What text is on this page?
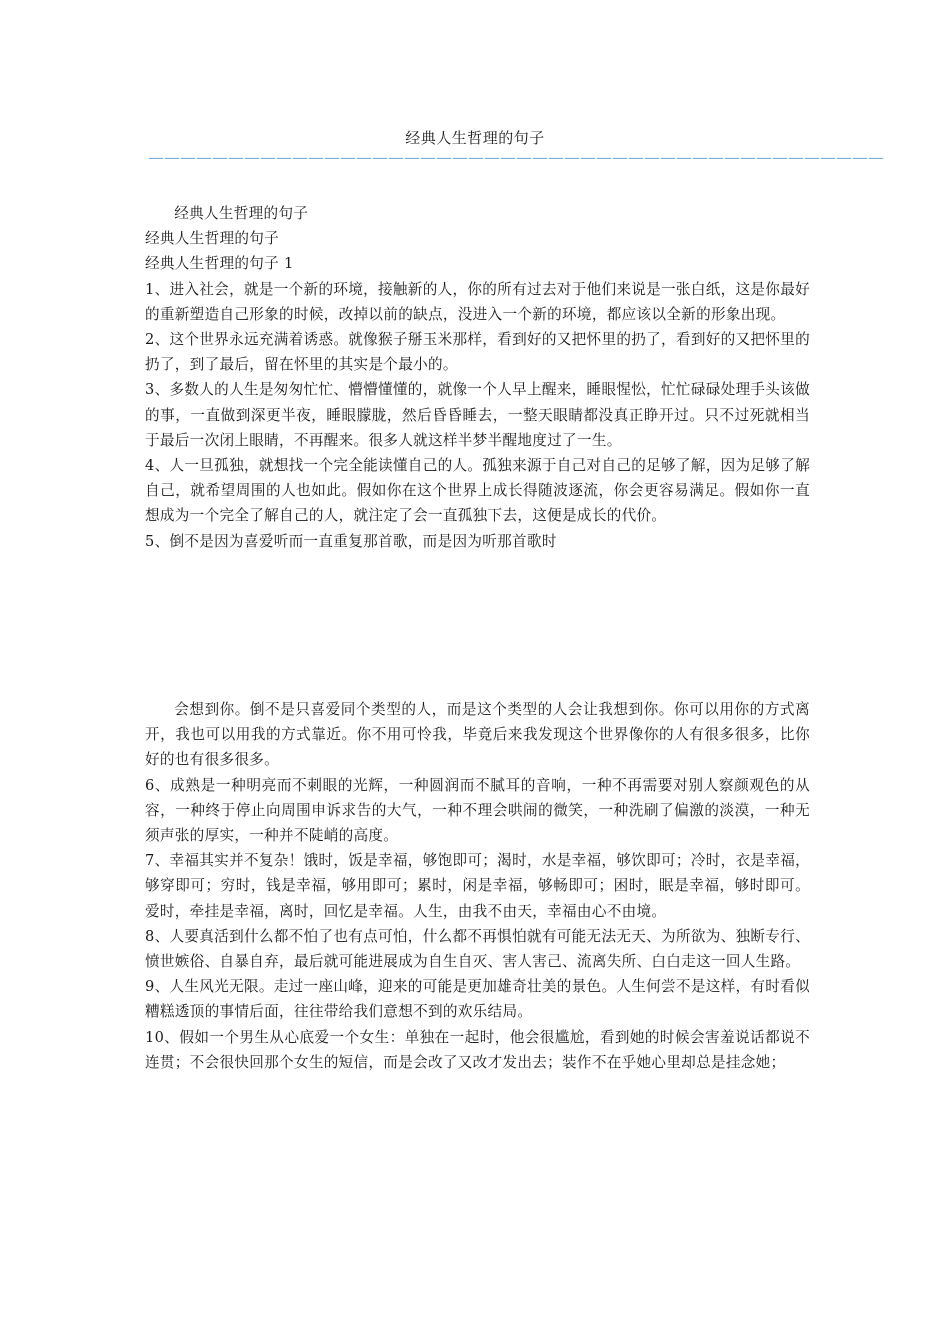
经典人生哲理的句子
——————————————————————————————————————————————

经典人生哲理的句子

经典人生哲理的句子

经典人生哲理的句子 1

1、进入社会，就是一个新的环境，接触新的人，你的所有过去对于他们来说是一张白纸，这是你最好的重新塑造自己形象的时候，改掉以前的缺点，没进入一个新的环境，都应该以全新的形象出现。

2、这个世界永远充满着诱惑。就像猴子掰玉米那样，看到好的又把怀里的扔了，看到好的又把怀里的扔了，到了最后，留在怀里的其实是个最小的。

3、多数人的人生是匆匆忙忙、懵懵懂懂的，就像一个人早上醒来，睡眼惺忪，忙忙碌碌处理手头该做的事，一直做到深更半夜，睡眼朦胧，然后昏昏睡去，一整天眼睛都没真正睁开过。只不过死就相当于最后一次闭上眼睛，不再醒来。很多人就这样半梦半醒地度过了一生。

4、人一旦孤独，就想找一个完全能读懂自己的人。孤独来源于自己对自己的足够了解，因为足够了解自己，就希望周围的人也如此。假如你在这个世界上成长得随波逐流，你会更容易满足。假如你一直想成为一个完全了解自己的人，就注定了会一直孤独下去，这便是成长的代价。

5、倒不是因为喜爱听而一直重复那首歌，而是因为听那首歌时

会想到你。倒不是只喜爱同个类型的人，而是这个类型的人会让我想到你。你可以用你的方式离开，我也可以用我的方式靠近。你不用可怜我，毕竟后来我发现这个世界像你的人有很多很多，比你好的也有很多很多。

6、成熟是一种明亮而不刺眼的光辉，一种圆润而不腻耳的音响，一种不再需要对别人察颜观色的从容，一种终于停止向周围申诉求告的大气，一种不理会哄闹的微笑，一种洗刷了偏激的淡漠，一种无须声张的厚实，一种并不陡峭的高度。

7、幸福其实并不复杂！饿时，饭是幸福，够饱即可；渴时，水是幸福，够饮即可；冷时，衣是幸福，够穿即可；穷时，钱是幸福，够用即可；累时，闲是幸福，够畅即可；困时，眠是幸福，够时即可。爱时，牵挂是幸福，离时，回忆是幸福。人生，由我不由天，幸福由心不由境。

8、人要真活到什么都不怕了也有点可怕，什么都不再惧怕就有可能无法无天、为所欲为、独断专行、愤世嫉俗、自暴自弃，最后就可能进展成为自生自灭、害人害己、流离失所、白白走这一回人生路。

9、人生风光无限。走过一座山峰，迎来的可能是更加雄奇壮美的景色。人生何尝不是这样，有时看似糟糕透顶的事情后面，往往带给我们意想不到的欢乐结局。

10、假如一个男生从心底爱一个女生：单独在一起时，他会很尴尬，看到她的时候会害羞说话都说不连贯；不会很快回那个女生的短信，而是会改了又改才发出去；装作不在乎她心里却总是挂念她；
